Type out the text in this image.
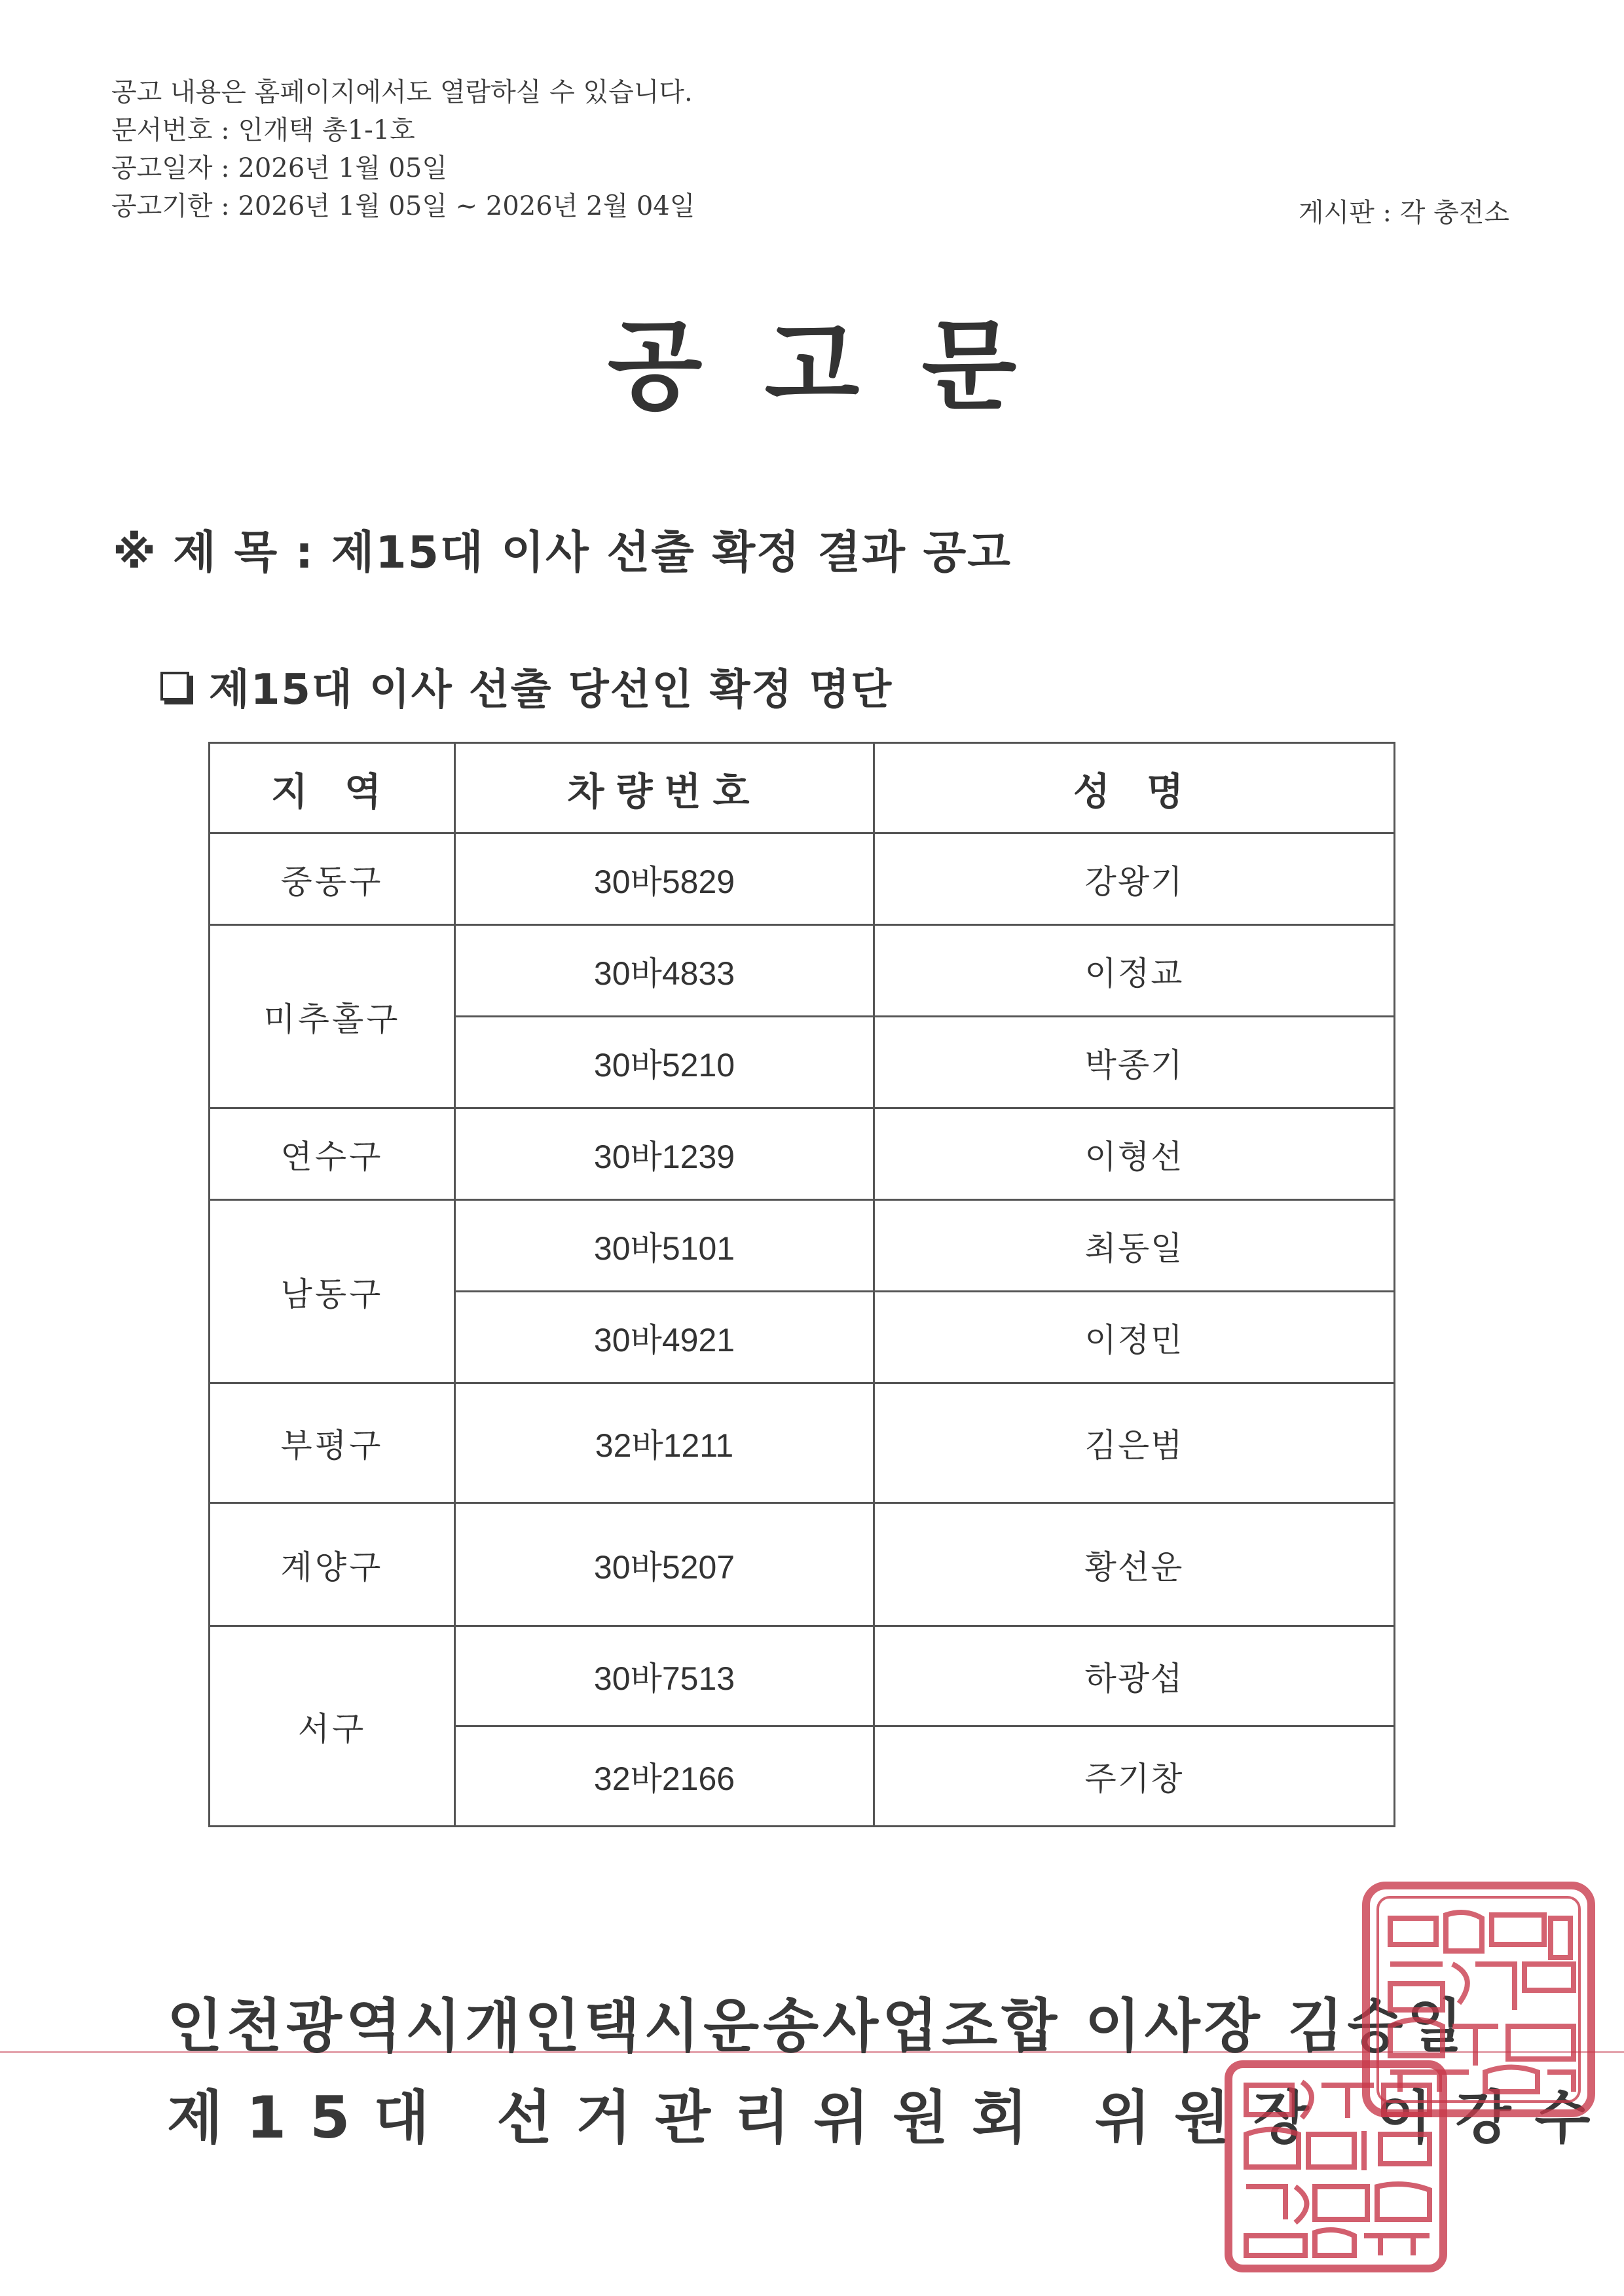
공고 내용은 홈페이지에서도 열람하실 수 있습니다.
문서번호 : 인개택 총1-1호
공고일자 : 2026년 1월 05일
공고기한 : 2026년 1월 05일 ~ 2026년 2월 04일	게시판 : 각 충전소
공고문
※ 제 목 : 제15대 이사 선출 확정 결과 공고
제15대 이사 선출 당선인 확정 명단
지 역	차량번호	성 명
중동구	30바5829	강왕기
미추홀구	30바4833	이정교
	30바5210	박종기
연수구	30바1239	이형선
남동구	30바5101	최동일
	30바4921	이정민
부평구	32바1211	김은범
계양구	30바5207	황선운
서구	30바7513	하광섭
	32바2166	주기창
인천광역시개인택시운송사업조합 이사장 김승일
제15대 선거관리위원회 위원장 이강수
